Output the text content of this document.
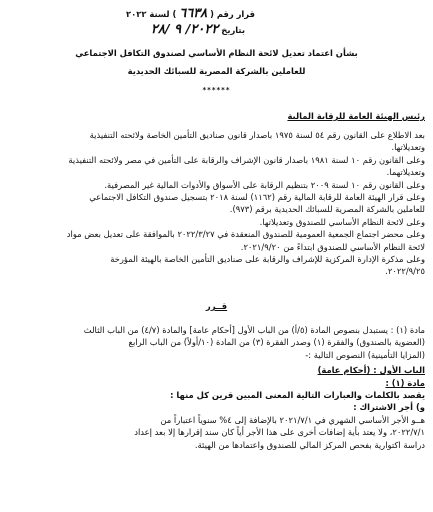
قرار رقم ( ٦٦٣٨ ) لسنة ٢٠٢٢
بتاريخ ٢٠٢٢/ ٩ /٢٨
بشأن اعتماد تعديل لائحة النظام الأساسي لصندوق التكافل الاجتماعي
للعاملين بالشركة المصرية للسبائك الحديدية
******
رئيس الهيئة العامة للرقابة المالية
بعد الاطلاع على القانون رقم ٥٤ لسنة ١٩٧٥ باصدار قانون صناديق التأمين الخاصة ولائحته التنفيذية
وتعديلاتها.
وعلى القانون رقم ١٠ لسنة ١٩٨١ باصدار قانون الإشراف والرقابة على التأمين في مصر ولائحته التنفيذية
وتعديلاتهما.
وعلى القانون رقم ١٠ لسنة ٢٠٠٩ بتنظيم الرقابة على الأسواق والأدوات المالية غير المصرفية.
وعلى قرار الهيئة العامة للرقابة المالية رقم (١١٦٢) لسنة ٢٠١٨ بتسجيل صندوق التكافل الاجتماعي
للعاملين بالشركة المصرية للسبائك الحديدية برقم (٩٧٣).
وعلى لائحة النظام الأساسي للصندوق وتعديلاتها.
وعلى محضر اجتماع الجمعية العمومية للصندوق المنعقدة في ٢٠٢٢/٣/٢٧ بالموافقة على تعديل بعض مواد
لائحة النظام الأساسي للصندوق ابتداءً من ٢٠٢١/٩/٢٠.
وعلى مذكرة الإدارة المركزية للإشراف والرقابة على صناديق التأمين الخاصة بالهيئة المؤرخة
٢٠٢٢/٩/٢٥.
قــرر
مادة (١) : يستبدل بنصوص المادة (٥/أ) من الباب الأول [أحكام عامة] والمادة (٤/٧) من الباب الثالث
(العضوية بالصندوق) والفقرة (١) وصدر الفقرة (٣) من المادة (١٠/أولاً) من الباب الرابع
(المزايا التأمينية) النصوص التالية :-
الباب الأول : (أحكام عامة)
مادة (١) :
يقصد بالكلمات والعبارات التالية المعنى المبين قرين كل منها :
و) أجر الاشتراك :
هــو الأجر الأساسي الشهري في ٢٠٢١/٧/١ بالإضافة إلى ٤% سنوياً اعتباراً من
٢٠٢٢/٧/١، ولا يعتد بأية إضافات أخرى على هذا الأجر أياً كان سند إقرارها إلا بعد إعداد
دراسة اكتوارية بفحص المركز المالي للصندوق واعتمادها من الهيئة.
